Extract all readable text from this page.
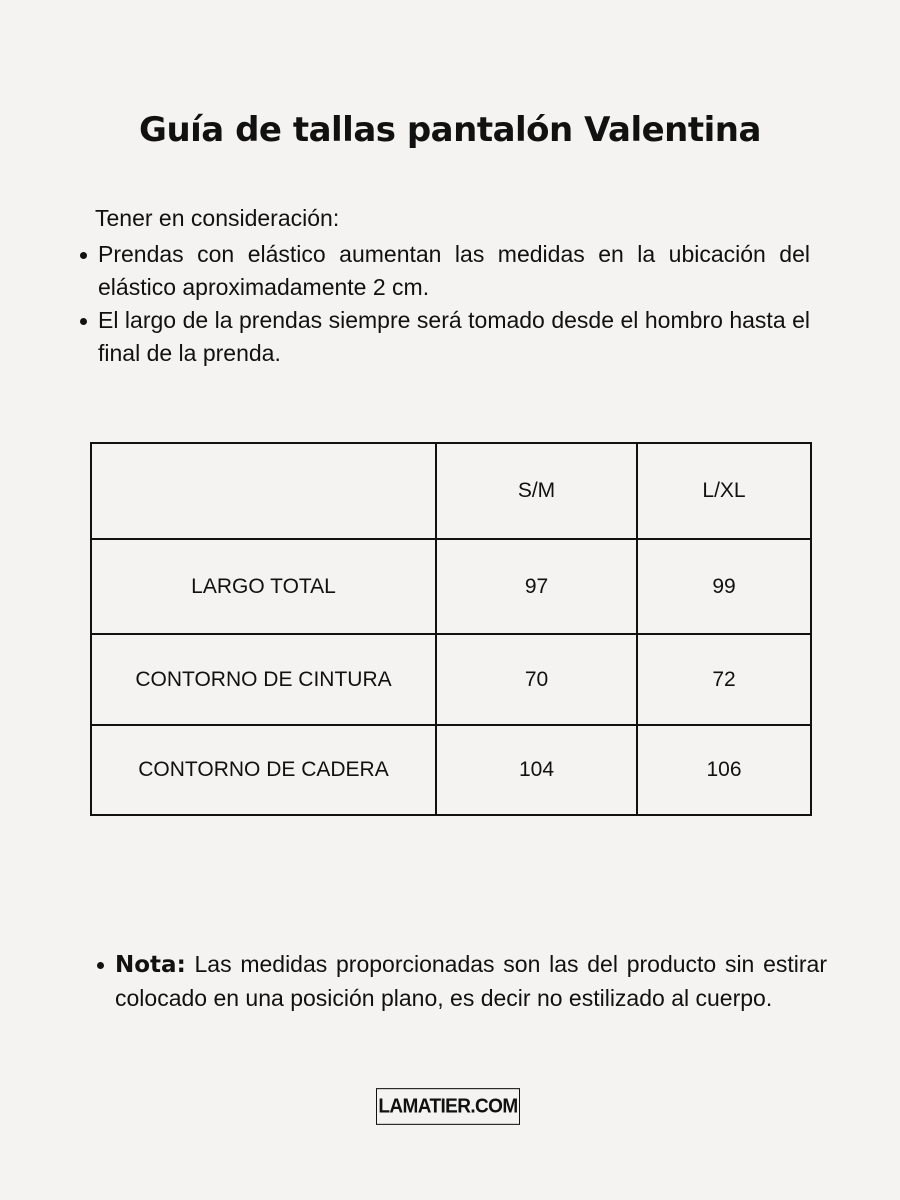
Guía de tallas pantalón Valentina

Tener en consideración:

Prendas con elástico aumentan las medidas en la ubicación del elástico aproximadamente 2 cm.
El largo de la prendas siempre será tomado desde el hombro hasta el final de la prenda.
	S/M	L/XL
LARGO TOTAL	97	99
CONTORNO DE CINTURA	70	72
CONTORNO DE CADERA	104	106
Nota: Las medidas proporcionadas son las del producto sin estirar colocado en una posición plano, es decir no estilizado al cuerpo.
LAMATIER.COM
